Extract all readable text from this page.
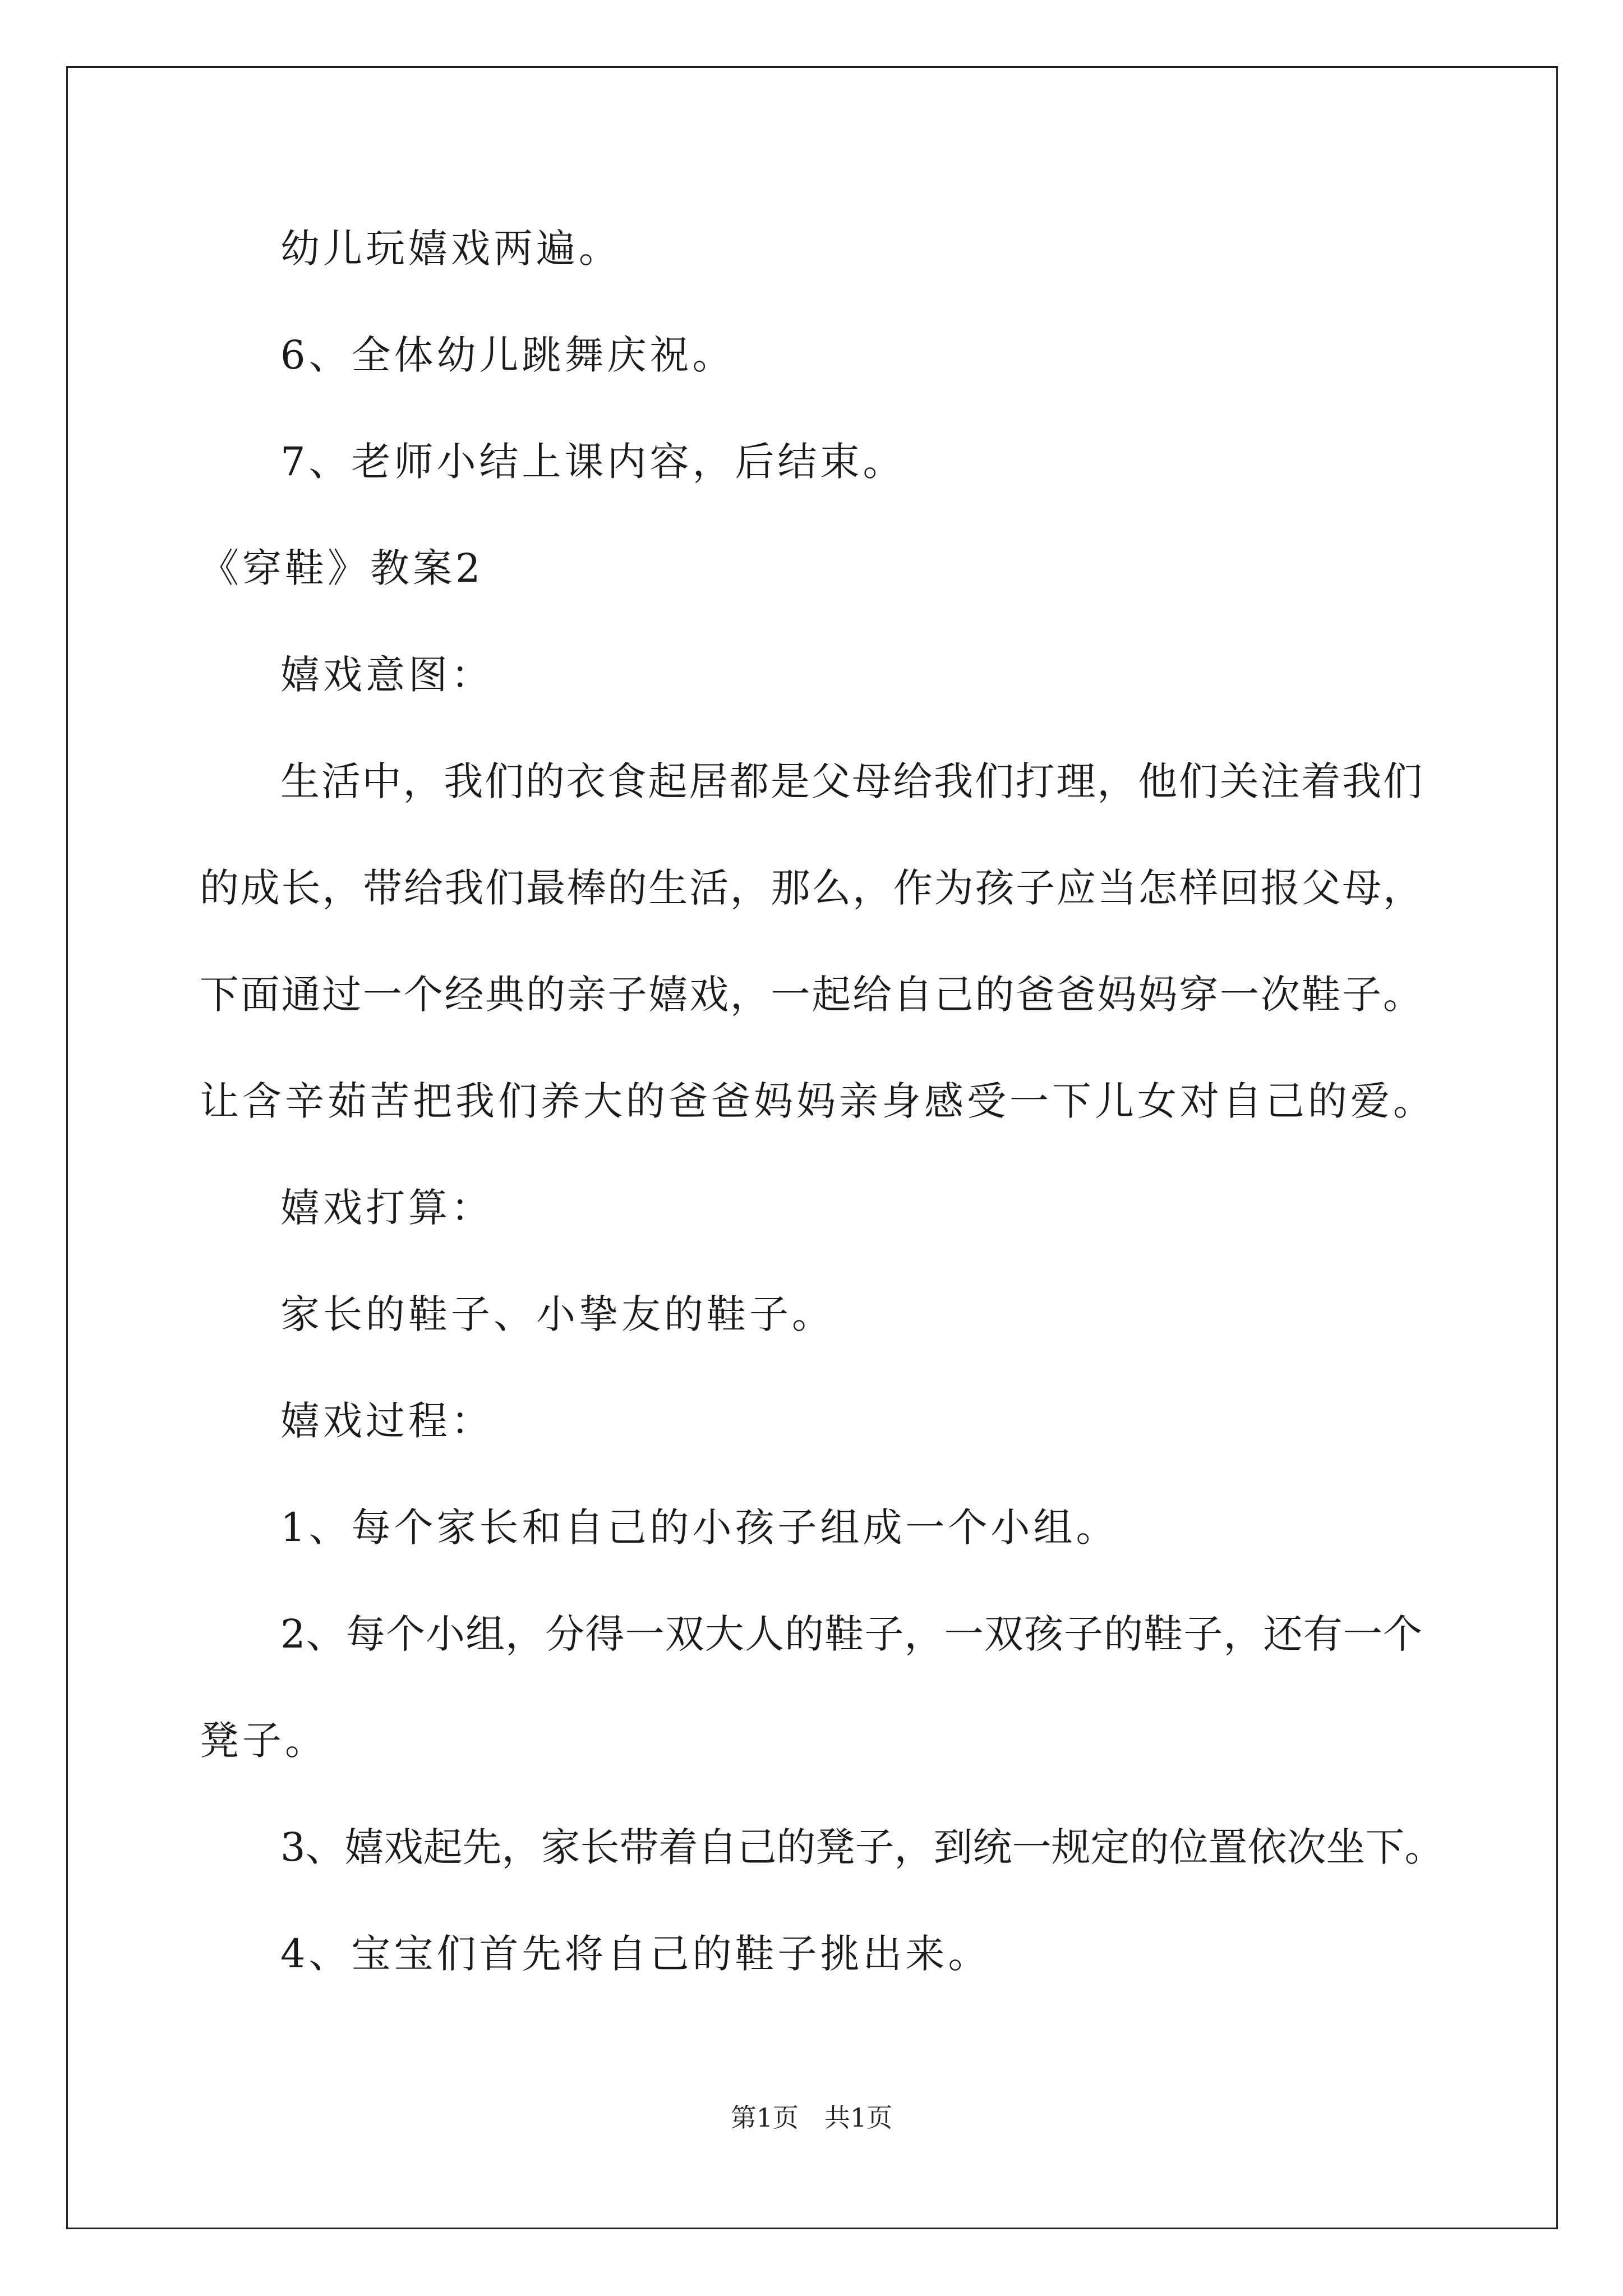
幼儿玩嬉戏两遍。
6、全体幼儿跳舞庆祝。
7、老师小结上课内容，后结束。
《穿鞋》教案2
嬉戏意图：
生活中，我们的衣食起居都是父母给我们打理，他们关注着我们
的成长，带给我们最棒的生活，那么，作为孩子应当怎样回报父母，
下面通过一个经典的亲子嬉戏，一起给自己的爸爸妈妈穿一次鞋子。
让含辛茹苦把我们养大的爸爸妈妈亲身感受一下儿女对自己的爱。
嬉戏打算：
家长的鞋子、小挚友的鞋子。
嬉戏过程：
1、每个家长和自己的小孩子组成一个小组。
2、每个小组，分得一双大人的鞋子，一双孩子的鞋子，还有一个
凳子。
3、嬉戏起先，家长带着自己的凳子，到统一规定的位置依次坐下。
4、宝宝们首先将自己的鞋子挑出来。
第1页　共1页
